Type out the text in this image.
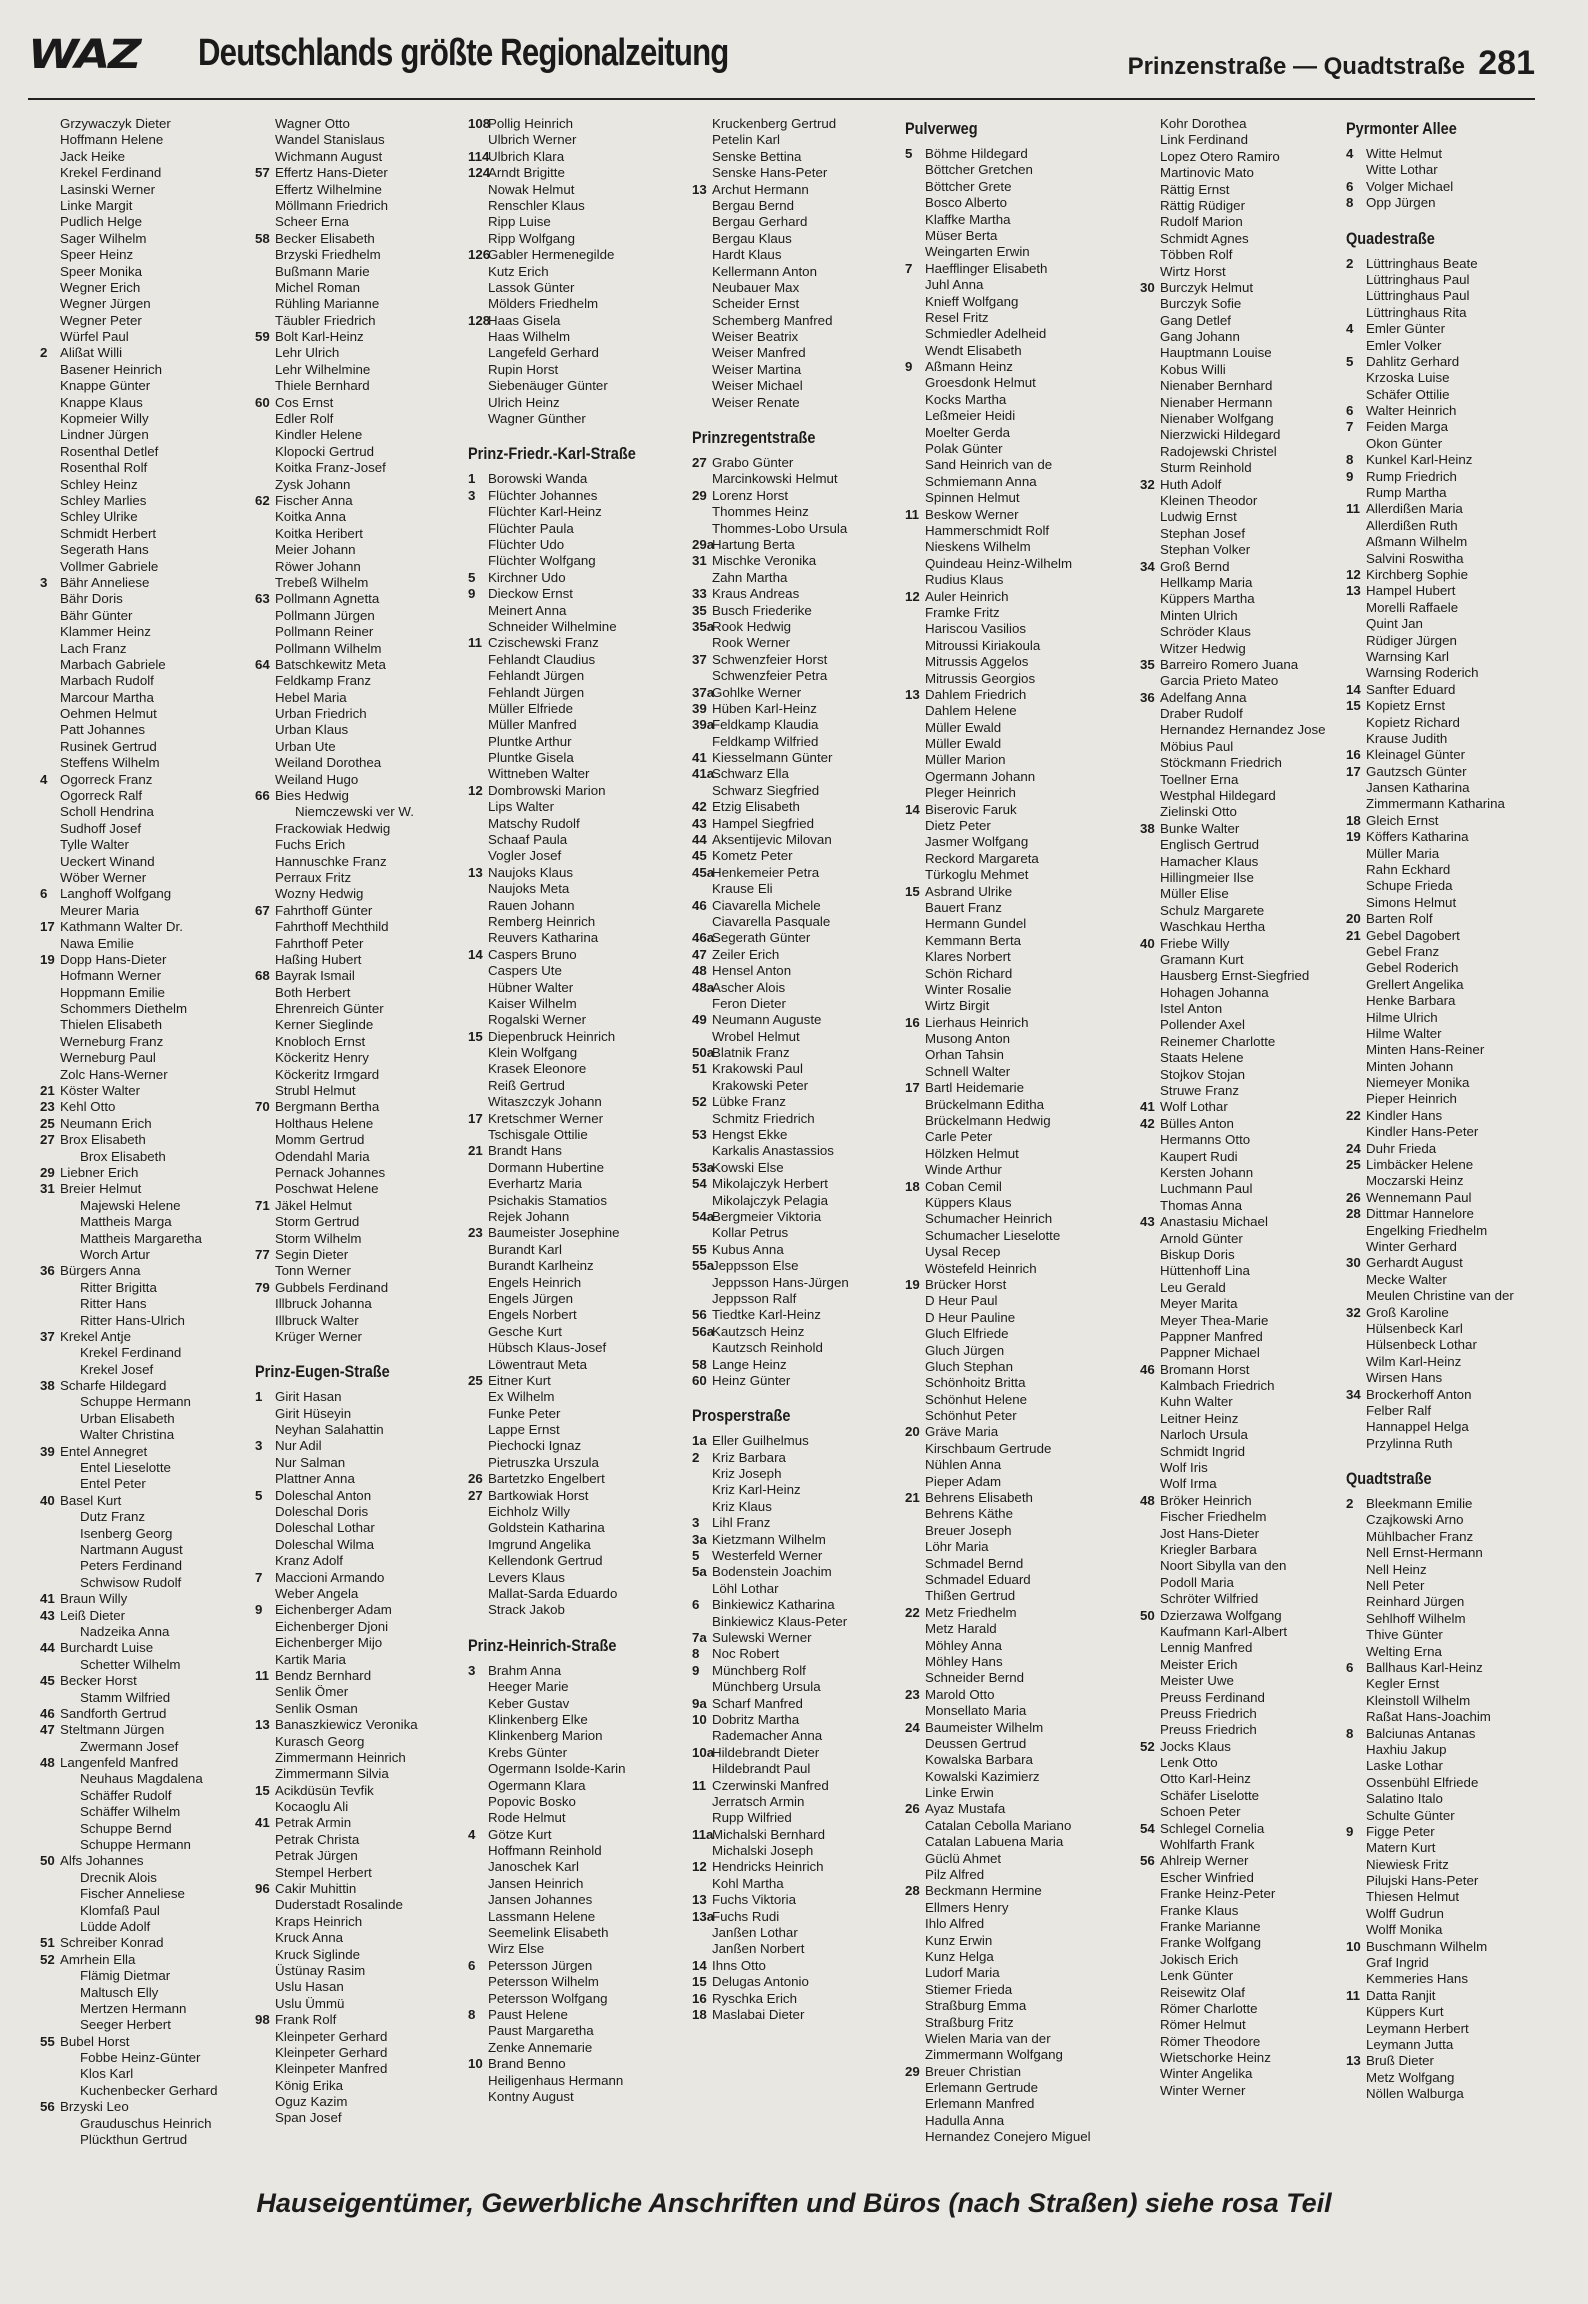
WAZ Deutschlands größte Regionalzeitung	Prinzenstraße — Quadtstraße 281
Grzywaczyk Dieter
Hoffmann Helene
Jack Heike
Krekel Ferdinand
Lasinski Werner
Linke Margit
Pudlich Helge
Sager Wilhelm
Speer Heinz
Speer Monika
Wegner Erich
Wegner Jürgen
Wegner Peter
Würfel Paul
2 Alißat Willi
Basener Heinrich
Knappe Günter
Knappe Klaus
Kopmeier Willy
Lindner Jürgen
Rosenthal Detlef
Rosenthal Rolf
Schley Heinz
Schley Marlies
Schley Ulrike
Schmidt Herbert
Segerath Hans
Vollmer Gabriele
3 Bähr Anneliese
Bähr Doris
Bähr Günter
Klammer Heinz
Lach Franz
Marbach Gabriele
Marbach Rudolf
Marcour Martha
Oehmen Helmut
Patt Johannes
Rusinek Gertrud
Steffens Wilhelm
4 Ogorreck Franz
Ogorreck Ralf
Scholl Hendrina
Sudhoff Josef
Tylle Walter
Ueckert Winand
Wöber Werner
6 Langhoff Wolfgang
Meurer Maria
17 Kathmann Walter Dr.
Nawa Emilie
19 Dopp Hans-Dieter
Hofmann Werner
Hoppmann Emilie
Schommers Diethelm
Thielen Elisabeth
Werneburg Franz
Werneburg Paul
Zolc Hans-Werner
21 Köster Walter
23 Kehl Otto
25 Neumann Erich
27 Brox Elisabeth
Brox Elisabeth
29 Liebner Erich
31 Breier Helmut
Majewski Helene
Mattheis Marga
Mattheis Margaretha
Worch Artur
36 Bürgers Anna
Ritter Brigitta
Ritter Hans
Ritter Hans-Ulrich
37 Krekel Antje
Krekel Ferdinand
Krekel Josef
38 Scharfe Hildegard
Schuppe Hermann
Urban Elisabeth
Walter Christina
39 Entel Annegret
Entel Lieselotte
Entel Peter
40 Basel Kurt
Dutz Franz
Isenberg Georg
Nartmann August
Peters Ferdinand
Schwisow Rudolf
41 Braun Willy
43 Leiß Dieter
Nadzeika Anna
44 Burchardt Luise
Schetter Wilhelm
45 Becker Horst
Stamm Wilfried
46 Sandforth Gertrud
47 Steltmann Jürgen
Zwermann Josef
48 Langenfeld Manfred
Neuhaus Magdalena
Schäffer Rudolf
Schäffer Wilhelm
Schuppe Bernd
Schuppe Hermann
50 Alfs Johannes
Drecnik Alois
Fischer Anneliese
Klomfaß Paul
Lüdde Adolf
51 Schreiber Konrad
52 Amrhein Ella
Flämig Dietmar
Maltusch Elly
Mertzen Hermann
Seeger Herbert
55 Bubel Horst
Fobbe Heinz-Günter
Klos Karl
Kuchenbecker Gerhard
56 Brzyski Leo
Grauduschus Heinrich
Plückthun Gertrud
Wagner Otto
Wandel Stanislaus
Wichmann August
57 Effertz Hans-Dieter
Effertz Wilhelmine
Möllmann Friedrich
Scheer Erna
58 Becker Elisabeth
Brzyski Friedhelm
Bußmann Marie
Michel Roman
Rühling Marianne
Täubler Friedrich
59 Bolt Karl-Heinz
Lehr Ulrich
Lehr Wilhelmine
Thiele Bernhard
60 Cos Ernst
Edler Rolf
Kindler Helene
Klopocki Gertrud
Koitka Franz-Josef
Zysk Johann
62 Fischer Anna
Koitka Anna
Koitka Heribert
Meier Johann
Röwer Johann
Trebeß Wilhelm
63 Pollmann Agnetta
Pollmann Jürgen
Pollmann Reiner
Pollmann Wilhelm
64 Batschkewitz Meta
Feldkamp Franz
Hebel Maria
Urban Friedrich
Urban Klaus
Urban Ute
Weiland Dorothea
Weiland Hugo
66 Bies Hedwig
Niemczewski ver W.
Frackowiak Hedwig
Fuchs Erich
Hannuschke Franz
Perraux Fritz
Wozny Hedwig
67 Fahrthoff Günter
Fahrthoff Mechthild
Fahrthoff Peter
Haßing Hubert
68 Bayrak Ismail
Both Herbert
Ehrenreich Günter
Kerner Sieglinde
Knobloch Ernst
Köckeritz Henry
Köckeritz Irmgard
Strubl Helmut
70 Bergmann Bertha
Holthaus Helene
Momm Gertrud
Odendahl Maria
Pernack Johannes
Poschwat Helene
71 Jäkel Helmut
Storm Gertrud
Storm Wilhelm
77 Segin Dieter
Tonn Werner
79 Gubbels Ferdinand
Illbruck Johanna
Illbruck Walter
Krüger Werner
Prinz-Eugen-Straße
1 Girit Hasan
Girit Hüseyin
Neyhan Salahattin
3 Nur Adil
Nur Salman
Plattner Anna
5 Doleschal Anton
Doleschal Doris
Doleschal Lothar
Doleschal Wilma
Kranz Adolf
7 Maccioni Armando
Weber Angela
9 Eichenberger Adam
Eichenberger Djoni
Eichenberger Mijo
Kartik Maria
11 Bendz Bernhard
Senlik Ömer
Senlik Osman
13 Banaszkiewicz Veronika
Kurasch Georg
Zimmermann Heinrich
Zimmermann Silvia
15 Acikdüsün Tevfik
Kocaoglu Ali
41 Petrak Armin
Petrak Christa
Petrak Jürgen
Stempel Herbert
96 Cakir Muhittin
Duderstadt Rosalinde
Kraps Heinrich
Kruck Anna
Kruck Siglinde
Üstünay Rasim
Uslu Hasan
Uslu Ümmü
98 Frank Rolf
Kleinpeter Gerhard
Kleinpeter Gerhard
Kleinpeter Manfred
König Erika
Oguz Kazim
Span Josef
108Pollig Heinrich
Ulbrich Werner
114Ulbrich Klara
124Arndt Brigitte
Nowak Helmut
Renschler Klaus
Ripp Luise
Ripp Wolfgang
126Gabler Hermenegilde
Kutz Erich
Lassok Günter
Mölders Friedhelm
128Haas Gisela
Haas Wilhelm
Langefeld Gerhard
Rupin Horst
Siebenäuger Günter
Ulrich Heinz
Wagner Günther
Prinz-Friedr.-Karl-Straße
1 Borowski Wanda
3 Flüchter Johannes
Flüchter Karl-Heinz
Flüchter Paula
Flüchter Udo
Flüchter Wolfgang
5 Kirchner Udo
9 Dieckow Ernst
Meinert Anna
Schneider Wilhelmine
11 Czischewski Franz
Fehlandt Claudius
Fehlandt Jürgen
Fehlandt Jürgen
Müller Elfriede
Müller Manfred
Pluntke Arthur
Pluntke Gisela
Wittneben Walter
12 Dombrowski Marion
Lips Walter
Matschy Rudolf
Schaaf Paula
Vogler Josef
13 Naujoks Klaus
Naujoks Meta
Rauen Johann
Remberg Heinrich
Reuvers Katharina
14 Caspers Bruno
Caspers Ute
Hübner Walter
Kaiser Wilhelm
Rogalski Werner
15 Diepenbruck Heinrich
Klein Wolfgang
Krasek Eleonore
Reiß Gertrud
Witaszczyk Johann
17 Kretschmer Werner
Tschisgale Ottilie
21 Brandt Hans
Dormann Hubertine
Everhartz Maria
Psichakis Stamatios
Rejek Johann
23 Baumeister Josephine
Burandt Karl
Burandt Karlheinz
Engels Heinrich
Engels Jürgen
Engels Norbert
Gesche Kurt
Hübsch Klaus-Josef
Löwentraut Meta
25 Eitner Kurt
Ex Wilhelm
Funke Peter
Lappe Ernst
Piechocki Ignaz
Pietruszka Urszula
26 Bartetzko Engelbert
27 Bartkowiak Horst
Eichholz Willy
Goldstein Katharina
Imgrund Angelika
Kellendonk Gertrud
Levers Klaus
Mallat-Sarda Eduardo
Strack Jakob
Prinz-Heinrich-Straße
3 Brahm Anna
Heeger Marie
Keber Gustav
Klinkenberg Elke
Klinkenberg Marion
Krebs Günter
Ogermann Isolde-Karin
Ogermann Klara
Popovic Bosko
Rode Helmut
4 Götze Kurt
Hoffmann Reinhold
Janoschek Karl
Jansen Heinrich
Jansen Johannes
Lassmann Helene
Seemelink Elisabeth
Wirz Else
6 Petersson Jürgen
Petersson Wilhelm
Petersson Wolfgang
8 Paust Helene
Paust Margaretha
Zenke Annemarie
10 Brand Benno
Heiligenhaus Hermann
Kontny August
Kruckenberg Gertrud
Petelin Karl
Senske Bettina
Senske Hans-Peter
13 Archut Hermann
Bergau Bernd
Bergau Gerhard
Bergau Klaus
Hardt Klaus
Kellermann Anton
Neubauer Max
Scheider Ernst
Schemberg Manfred
Weiser Beatrix
Weiser Manfred
Weiser Martina
Weiser Michael
Weiser Renate
Prinzregentstraße
27 Grabo Günter
Marcinkowski Helmut
29 Lorenz Horst
Thommes Heinz
Thommes-Lobo Ursula
29aHartung Berta
31 Mischke Veronika
Zahn Martha
33 Kraus Andreas
35 Busch Friederike
35aRook Hedwig
Rook Werner
37 Schwenzfeier Horst
Schwenzfeier Petra
37aGohlke Werner
39 Hüben Karl-Heinz
39aFeldkamp Klaudia
Feldkamp Wilfried
41 Kiesselmann Günter
41aSchwarz Ella
Schwarz Siegfried
42 Etzig Elisabeth
43 Hampel Siegfried
44 Aksentijevic Milovan
45 Kometz Peter
45aHenkemeier Petra
Krause Eli
46 Ciavarella Michele
Ciavarella Pasquale
46aSegerath Günter
47 Zeiler Erich
48 Hensel Anton
48aAscher Alois
Feron Dieter
49 Neumann Auguste
Wrobel Helmut
50aBlatnik Franz
51 Krakowski Paul
Krakowski Peter
52 Lübke Franz
Schmitz Friedrich
53 Hengst Ekke
Karkalis Anastassios
53aKowski Else
54 Mikolajczyk Herbert
Mikolajczyk Pelagia
54aBergmeier Viktoria
Kollar Petrus
55 Kubus Anna
55aJeppsson Else
Jeppsson Hans-Jürgen
Jeppsson Ralf
56 Tiedtke Karl-Heinz
56aKautzsch Heinz
Kautzsch Reinhold
58 Lange Heinz
60 Heinz Günter
Prosperstraße
1a Eller Guilhelmus
2 Kriz Barbara
Kriz Joseph
Kriz Karl-Heinz
Kriz Klaus
3 Lihl Franz
3a Kietzmann Wilhelm
5 Westerfeld Werner
5a Bodenstein Joachim
Löhl Lothar
6 Binkiewicz Katharina
Binkiewicz Klaus-Peter
7a Sulewski Werner
8 Noc Robert
9 Münchberg Rolf
Münchberg Ursula
9a Scharf Manfred
10 Dobritz Martha
Rademacher Anna
10aHildebrandt Dieter
Hildebrandt Paul
11 Czerwinski Manfred
Jerratsch Armin
Rupp Wilfried
11aMichalski Bernhard
Michalski Joseph
12 Hendricks Heinrich
Kohl Martha
13 Fuchs Viktoria
13aFuchs Rudi
Janßen Lothar
Janßen Norbert
14 Ihns Otto
15 Delugas Antonio
16 Ryschka Erich
18 Maslabai Dieter
Pulverweg
5 Böhme Hildegard
Böttcher Gretchen
Böttcher Grete
Bosco Alberto
Klaffke Martha
Müser Berta
Weingarten Erwin
7 Haefflinger Elisabeth
Juhl Anna
Knieff Wolfgang
Resel Fritz
Schmiedler Adelheid
Wendt Elisabeth
9 Aßmann Heinz
Groesdonk Helmut
Kocks Martha
Leßmeier Heidi
Moelter Gerda
Polak Günter
Sand Heinrich van de
Schmiemann Anna
Spinnen Helmut
11 Beskow Werner
Hammerschmidt Rolf
Nieskens Wilhelm
Quindeau Heinz-Wilhelm
Rudius Klaus
12 Auler Heinrich
Framke Fritz
Hariscou Vasilios
Mitroussi Kiriakoula
Mitrussis Aggelos
Mitrussis Georgios
13 Dahlem Friedrich
Dahlem Helene
Müller Ewald
Müller Ewald
Müller Marion
Ogermann Johann
Pleger Heinrich
14 Biserovic Faruk
Dietz Peter
Jasmer Wolfgang
Reckord Margareta
Türkoglu Mehmet
15 Asbrand Ulrike
Bauert Franz
Hermann Gundel
Kemmann Berta
Klares Norbert
Schön Richard
Winter Rosalie
Wirtz Birgit
16 Lierhaus Heinrich
Musong Anton
Orhan Tahsin
Schnell Walter
17 Bartl Heidemarie
Brückelmann Editha
Brückelmann Hedwig
Carle Peter
Hölzken Helmut
Winde Arthur
18 Coban Cemil
Küppers Klaus
Schumacher Heinrich
Schumacher Lieselotte
Uysal Recep
Wöstefeld Heinrich
19 Brücker Horst
D Heur Paul
D Heur Pauline
Gluch Elfriede
Gluch Jürgen
Gluch Stephan
Schönhoitz Britta
Schönhut Helene
Schönhut Peter
20 Gräve Maria
Kirschbaum Gertrude
Nühlen Anna
Pieper Adam
21 Behrens Elisabeth
Behrens Käthe
Breuer Joseph
Löhr Maria
Schmadel Bernd
Schmadel Eduard
Thißen Gertrud
22 Metz Friedhelm
Metz Harald
Möhley Anna
Möhley Hans
Schneider Bernd
23 Marold Otto
Monsellato Maria
24 Baumeister Wilhelm
Deussen Gertrud
Kowalska Barbara
Kowalski Kazimierz
Linke Erwin
26 Ayaz Mustafa
Catalan Cebolla Mariano
Catalan Labuena Maria
Güclü Ahmet
Pilz Alfred
28 Beckmann Hermine
Ellmers Henry
Ihlo Alfred
Kunz Erwin
Kunz Helga
Ludorf Maria
Stiemer Frieda
Straßburg Emma
Straßburg Fritz
Wielen Maria van der
Zimmermann Wolfgang
29 Breuer Christian
Erlemann Gertrude
Erlemann Manfred
Hadulla Anna
Hernandez Conejero Miguel
Kohr Dorothea
Link Ferdinand
Lopez Otero Ramiro
Martinovic Mato
Rättig Ernst
Rättig Rüdiger
Rudolf Marion
Schmidt Agnes
Többen Rolf
Wirtz Horst
30 Burczyk Helmut
Burczyk Sofie
Gang Detlef
Gang Johann
Hauptmann Louise
Kobus Willi
Nienaber Bernhard
Nienaber Hermann
Nienaber Wolfgang
Nierzwicki Hildegard
Radojewski Christel
Sturm Reinhold
32 Huth Adolf
Kleinen Theodor
Ludwig Ernst
Stephan Josef
Stephan Volker
34 Groß Bernd
Hellkamp Maria
Küppers Martha
Minten Ulrich
Schröder Klaus
Witzer Hedwig
35 Barreiro Romero Juana
Garcia Prieto Mateo
36 Adelfang Anna
Draber Rudolf
Hernandez Hernandez Jose
Möbius Paul
Stöckmann Friedrich
Toellner Erna
Westphal Hildegard
Zielinski Otto
38 Bunke Walter
Englisch Gertrud
Hamacher Klaus
Hillingmeier Ilse
Müller Elise
Schulz Margarete
Waschkau Hertha
40 Friebe Willy
Gramann Kurt
Hausberg Ernst-Siegfried
Hohagen Johanna
Istel Anton
Pollender Axel
Reinemer Charlotte
Staats Helene
Stojkov Stojan
Struwe Franz
41 Wolf Lothar
42 Bülles Anton
Hermanns Otto
Kaupert Rudi
Kersten Johann
Luchmann Paul
Thomas Anna
43 Anastasiu Michael
Arnold Günter
Biskup Doris
Hüttenhoff Lina
Leu Gerald
Meyer Marita
Meyer Thea-Marie
Pappner Manfred
Pappner Michael
46 Bromann Horst
Kalmbach Friedrich
Kuhn Walter
Leitner Heinz
Narloch Ursula
Schmidt Ingrid
Wolf Iris
Wolf Irma
48 Bröker Heinrich
Fischer Friedhelm
Jost Hans-Dieter
Kriegler Barbara
Noort Sibylla van den
Podoll Maria
Schröter Wilfried
50 Dzierzawa Wolfgang
Kaufmann Karl-Albert
Lennig Manfred
Meister Erich
Meister Uwe
Preuss Ferdinand
Preuss Friedrich
Preuss Friedrich
52 Jocks Klaus
Lenk Otto
Otto Karl-Heinz
Schäfer Liselotte
Schoen Peter
54 Schlegel Cornelia
Wohlfarth Frank
56 Ahlreip Werner
Escher Winfried
Franke Heinz-Peter
Franke Klaus
Franke Marianne
Franke Wolfgang
Jokisch Erich
Lenk Günter
Reisewitz Olaf
Römer Charlotte
Römer Helmut
Römer Theodore
Wietschorke Heinz
Winter Angelika
Winter Werner
Pyrmonter Allee
4 Witte Helmut
Witte Lothar
6 Volger Michael
8 Opp Jürgen
Quadestraße
2 Lüttringhaus Beate
Lüttringhaus Paul
Lüttringhaus Paul
Lüttringhaus Rita
4 Emler Günter
Emler Volker
5 Dahlitz Gerhard
Krzoska Luise
Schäfer Ottilie
6 Walter Heinrich
7 Feiden Marga
Okon Günter
8 Kunkel Karl-Heinz
9 Rump Friedrich
Rump Martha
11 Allerdißen Maria
Allerdißen Ruth
Aßmann Wilhelm
Salvini Roswitha
12 Kirchberg Sophie
13 Hampel Hubert
Morelli Raffaele
Quint Jan
Rüdiger Jürgen
Warnsing Karl
Warnsing Roderich
14 Sanfter Eduard
15 Kopietz Ernst
Kopietz Richard
Krause Judith
16 Kleinagel Günter
17 Gautzsch Günter
Jansen Katharina
Zimmermann Katharina
18 Gleich Ernst
19 Köffers Katharina
Müller Maria
Rahn Eckhard
Schupe Frieda
Simons Helmut
20 Barten Rolf
21 Gebel Dagobert
Gebel Franz
Gebel Roderich
Grellert Angelika
Henke Barbara
Hilme Ulrich
Hilme Walter
Minten Hans-Reiner
Minten Johann
Niemeyer Monika
Pieper Heinrich
22 Kindler Hans
Kindler Hans-Peter
24 Duhr Frieda
25 Limbäcker Helene
Moczarski Heinz
26 Wennemann Paul
28 Dittmar Hannelore
Engelking Friedhelm
Winter Gerhard
30 Gerhardt August
Mecke Walter
Meulen Christine van der
32 Groß Karoline
Hülsenbeck Karl
Hülsenbeck Lothar
Wilm Karl-Heinz
Wirsen Hans
34 Brockerhoff Anton
Felber Ralf
Hannappel Helga
Przylinna Ruth
Quadtstraße
2 Bleekmann Emilie
Czajkowski Arno
Mühlbacher Franz
Nell Ernst-Hermann
Nell Heinz
Nell Peter
Reinhard Jürgen
Sehlhoff Wilhelm
Thive Günter
Welting Erna
6 Ballhaus Karl-Heinz
Kegler Ernst
Kleinstoll Wilhelm
Raßat Hans-Joachim
8 Balciunas Antanas
Haxhiu Jakup
Laske Lothar
Ossenbühl Elfriede
Salatino Italo
Schulte Günter
9 Figge Peter
Matern Kurt
Niewiesk Fritz
Pilujski Hans-Peter
Thiesen Helmut
Wolff Gudrun
Wolff Monika
10 Buschmann Wilhelm
Graf Ingrid
Kemmeries Hans
11 Datta Ranjit
Küppers Kurt
Leymann Herbert
Leymann Jutta
13 Bruß Dieter
Metz Wolfgang
Nöllen Walburga
Hauseigentümer, Gewerbliche Anschriften und Büros (nach Straßen) siehe rosa Teil
